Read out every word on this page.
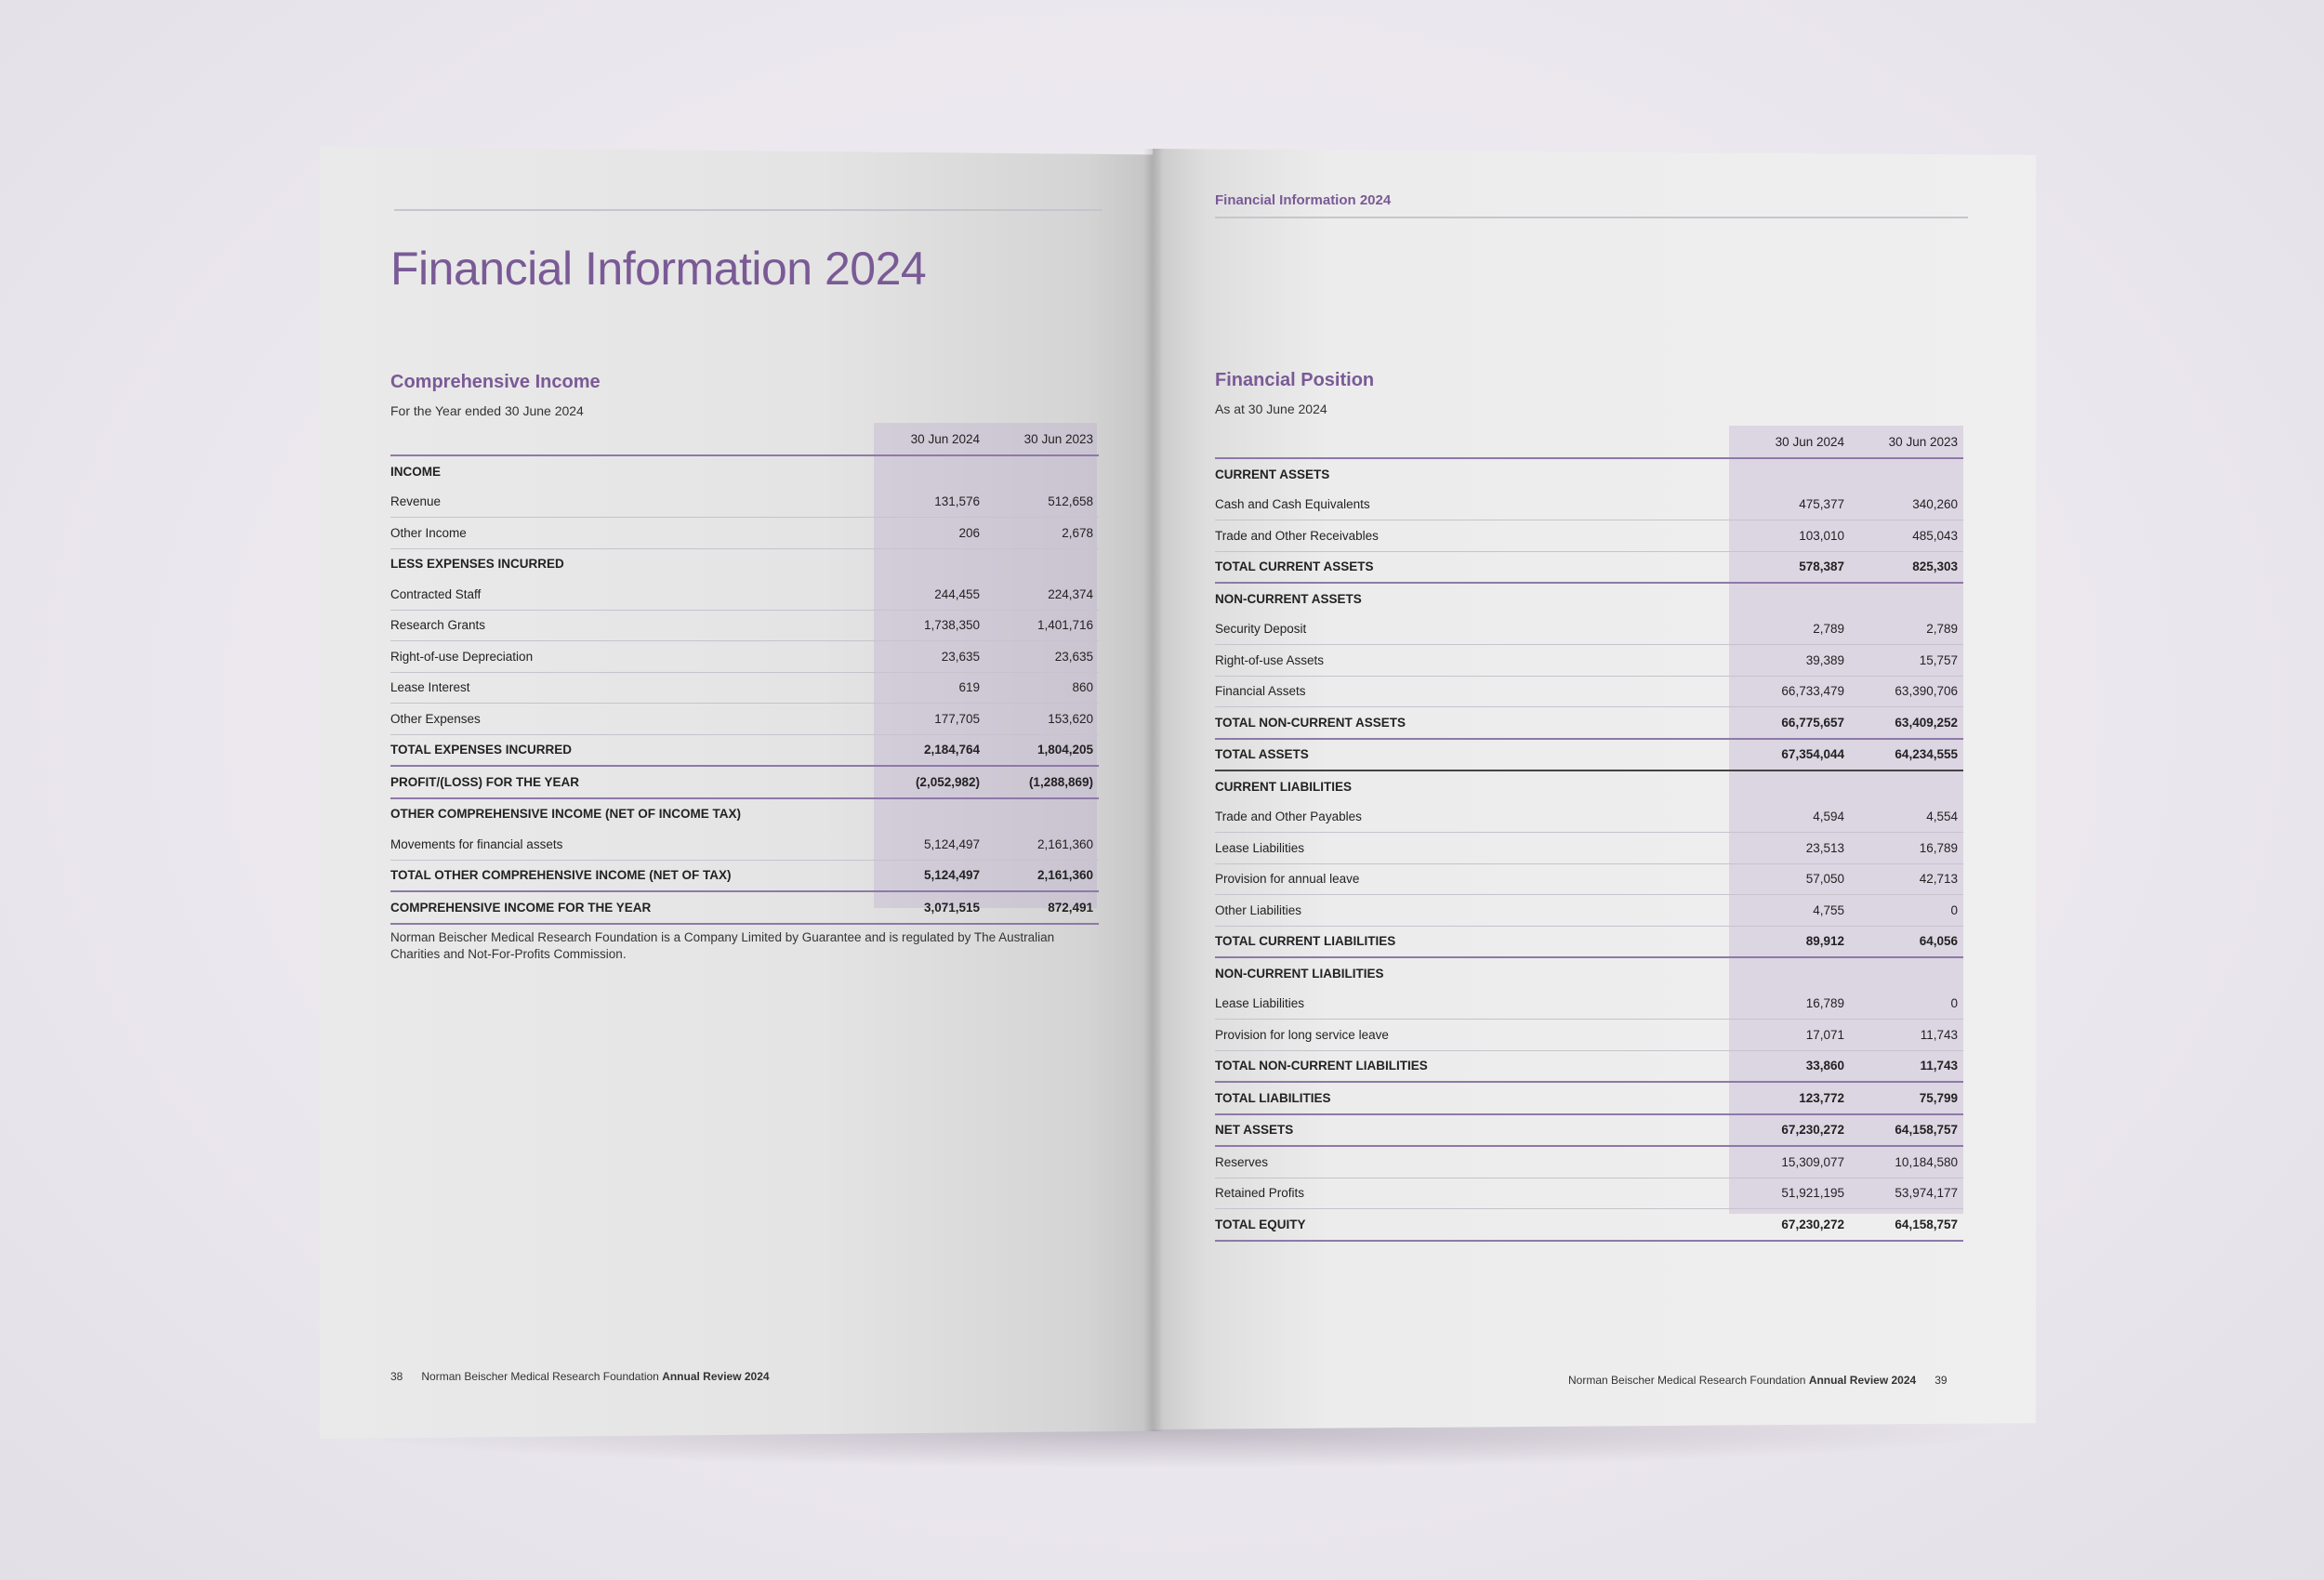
Financial Information 2024
Comprehensive Income
For the Year ended 30 June 2024
	30 Jun 2024	30 Jun 2023
INCOME		
Revenue	131,576	512,658
Other Income	206	2,678
LESS EXPENSES INCURRED		
Contracted Staff	244,455	224,374
Research Grants	1,738,350	1,401,716
Right-of-use Depreciation	23,635	23,635
Lease Interest	619	860
Other Expenses	177,705	153,620
TOTAL EXPENSES INCURRED	2,184,764	1,804,205
PROFIT/(LOSS) FOR THE YEAR	(2,052,982)	(1,288,869)
OTHER COMPREHENSIVE INCOME (NET OF INCOME TAX)		
Movements for financial assets	5,124,497	2,161,360
TOTAL OTHER COMPREHENSIVE INCOME (NET OF TAX)	5,124,497	2,161,360
COMPREHENSIVE INCOME FOR THE YEAR	3,071,515	872,491
Norman Beischer Medical Research Foundation is a Company Limited by Guarantee and is regulated by The Australian Charities and Not-For-Profits Commission.
38 Norman Beischer Medical Research Foundation Annual Review 2024
Financial Information 2024
Financial Position
As at 30 June 2024
	30 Jun 2024	30 Jun 2023
CURRENT ASSETS		
Cash and Cash Equivalents	475,377	340,260
Trade and Other Receivables	103,010	485,043
TOTAL CURRENT ASSETS	578,387	825,303
NON-CURRENT ASSETS		
Security Deposit	2,789	2,789
Right-of-use Assets	39,389	15,757
Financial Assets	66,733,479	63,390,706
TOTAL NON-CURRENT ASSETS	66,775,657	63,409,252
TOTAL ASSETS	67,354,044	64,234,555
CURRENT LIABILITIES		
Trade and Other Payables	4,594	4,554
Lease Liabilities	23,513	16,789
Provision for annual leave	57,050	42,713
Other Liabilities	4,755	0
TOTAL CURRENT LIABILITIES	89,912	64,056
NON-CURRENT LIABILITIES		
Lease Liabilities	16,789	0
Provision for long service leave	17,071	11,743
TOTAL NON-CURRENT LIABILITIES	33,860	11,743
TOTAL LIABILITIES	123,772	75,799
NET ASSETS	67,230,272	64,158,757
Reserves	15,309,077	10,184,580
Retained Profits	51,921,195	53,974,177
TOTAL EQUITY	67,230,272	64,158,757
Norman Beischer Medical Research Foundation Annual Review 2024 39
